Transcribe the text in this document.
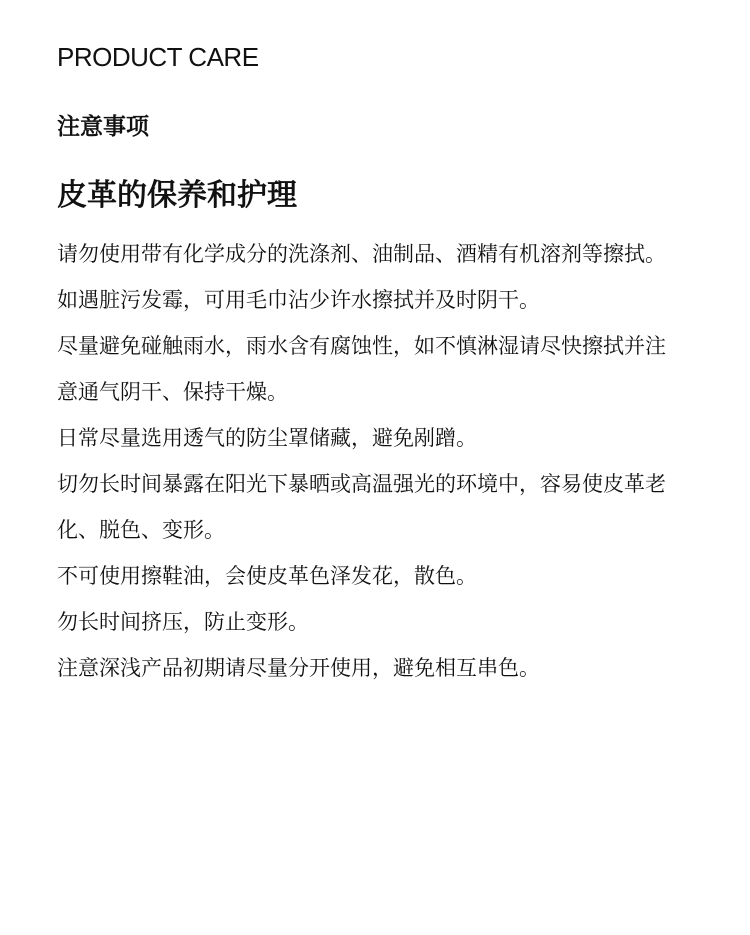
PRODUCT CARE
注意事项
皮革的保养和护理
请勿使用带有化学成分的洗涤剂、油制品、酒精有机溶剂等擦拭。
如遇脏污发霉，可用毛巾沾少许水擦拭并及时阴干。
尽量避免碰触雨水，雨水含有腐蚀性，如不慎淋湿请尽快擦拭并注意通气阴干、保持干燥。
日常尽量选用透气的防尘罩储藏，避免剐蹭。
切勿长时间暴露在阳光下暴晒或高温强光的环境中，容易使皮革老化、脱色、变形。
不可使用擦鞋油，会使皮革色泽发花，散色。
勿长时间挤压，防止变形。
注意深浅产品初期请尽量分开使用，避免相互串色。
